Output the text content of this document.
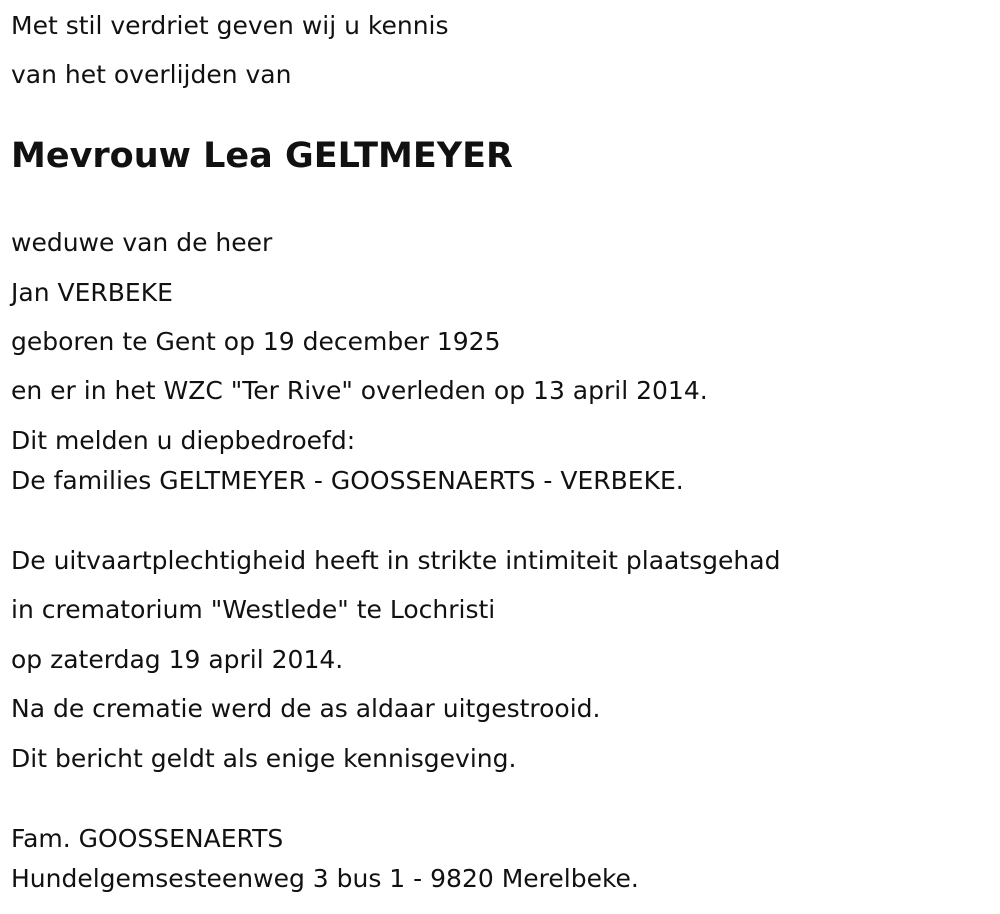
Met stil verdriet geven wij u kennis

van het overlijden van

Mevrouw Lea GELTMEYER

weduwe van de heer

Jan VERBEKE

geboren te Gent op 19 december 1925

en er in het WZC "Ter Rive" overleden op 13 april 2014.

Dit melden u diepbedroefd:

De families GELTMEYER - GOOSSENAERTS - VERBEKE.

De uitvaartplechtigheid heeft in strikte intimiteit plaatsgehad

in crematorium "Westlede" te Lochristi

op zaterdag 19 april 2014.

Na de crematie werd de as aldaar uitgestrooid.

Dit bericht geldt als enige kennisgeving.

Fam. GOOSSENAERTS

Hundelgemsesteenweg 3 bus 1 - 9820 Merelbeke.
